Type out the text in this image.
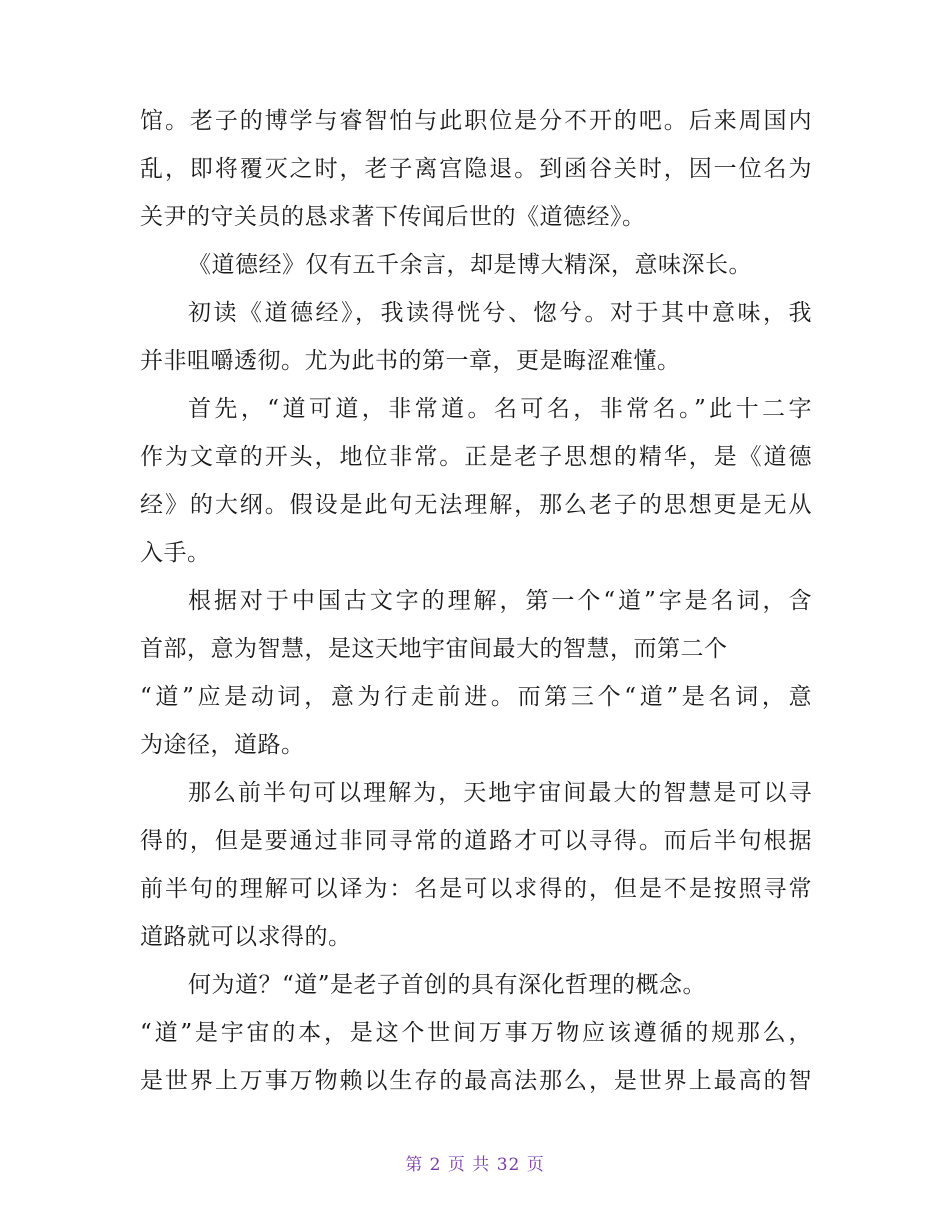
馆。老子的博学与睿智怕与此职位是分不开的吧。后来周国内
乱，即将覆灭之时，老子离宫隐退。到函谷关时，因一位名为
关尹的守关员的恳求著下传闻后世的《道德经》。
《道德经》仅有五千余言，却是博大精深，意味深长。
初读《道德经》，我读得恍兮、惚兮。对于其中意味，我
并非咀嚼透彻。尤为此书的第一章，更是晦涩难懂。
首先，“道可道，非常道。名可名，非常名。”此十二字
作为文章的开头，地位非常。正是老子思想的精华，是《道德
经》的大纲。假设是此句无法理解，那么老子的思想更是无从
入手。
根据对于中国古文字的理解，第一个“道”字是名词，含
首部，意为智慧，是这天地宇宙间最大的智慧，而第二个
“道”应是动词，意为行走前进。而第三个“道”是名词，意
为途径，道路。
那么前半句可以理解为，天地宇宙间最大的智慧是可以寻
得的，但是要通过非同寻常的道路才可以寻得。而后半句根据
前半句的理解可以译为：名是可以求得的，但是不是按照寻常
道路就可以求得的。
何为道？“道”是老子首创的具有深化哲理的概念。
“道”是宇宙的本，是这个世间万事万物应该遵循的规那么，
是世界上万事万物赖以生存的最高法那么，是世界上最高的智
第 2 页 共 32 页
